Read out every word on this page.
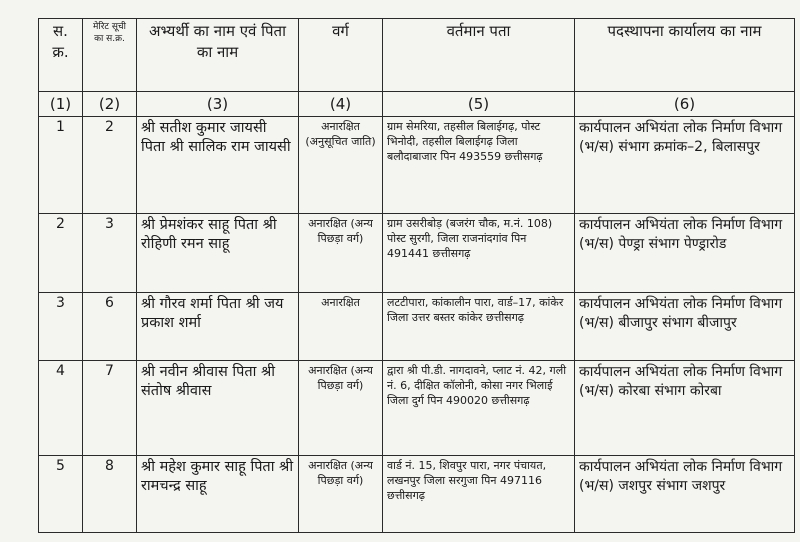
स. क्र.	मेरिट सूची का स.क्र.	अभ्यर्थी का नाम एवं पिता का नाम	वर्ग	वर्तमान पता	पदस्थापना कार्यालय का नाम
(1)	(2)	(3)	(4)	(5)	(6)
1	2	श्री सतीश कुमार जायसी पिता श्री सालिक राम जायसी	अनारक्षित (अनुसूचित जाति)	ग्राम सेमरिया, तहसील बिलाईगढ़, पोस्ट भिनोदी, तहसील बिलाईगढ़ जिला बलौदाबाजार पिन 493559 छत्तीसगढ़	कार्यपालन अभियंता लोक निर्माण विभाग (भ/स) संभाग क्रमांक–2, बिलासपुर
2	3	श्री प्रेमशंकर साहू पिता श्री रोहिणी रमन साहू	अनारक्षित (अन्य पिछड़ा वर्ग)	ग्राम उसरीबोड़ (बजरंग चौक, म.नं. 108) पोस्ट सुरगी, जिला राजनांदगांव पिन 491441 छत्तीसगढ़	कार्यपालन अभियंता लोक निर्माण विभाग (भ/स) पेण्ड्रा संभाग पेण्ड्रारोड
3	6	श्री गौरव शर्मा पिता श्री जय प्रकाश शर्मा	अनारक्षित	लटटीपारा, कांकालीन पारा, वार्ड–17, कांकेर जिला उत्तर बस्तर कांकेर छत्तीसगढ़	कार्यपालन अभियंता लोक निर्माण विभाग (भ/स) बीजापुर संभाग बीजापुर
4	7	श्री नवीन श्रीवास पिता श्री संतोष श्रीवास	अनारक्षित (अन्य पिछड़ा वर्ग)	द्वारा श्री पी.डी. नागदावने, प्लाट नं. 42, गली नं. 6, दीक्षित कॉलोनी, कोसा नगर भिलाई जिला दुर्ग पिन 490020 छत्तीसगढ़	कार्यपालन अभियंता लोक निर्माण विभाग (भ/स) कोरबा संभाग कोरबा
5	8	श्री महेश कुमार साहू पिता श्री रामचन्द्र साहू	अनारक्षित (अन्य पिछड़ा वर्ग)	वार्ड नं. 15, शिवपुर पारा, नगर पंचायत, लखनपुर जिला सरगुजा पिन 497116 छत्तीसगढ़	कार्यपालन अभियंता लोक निर्माण विभाग (भ/स) जशपुर संभाग जशपुर
